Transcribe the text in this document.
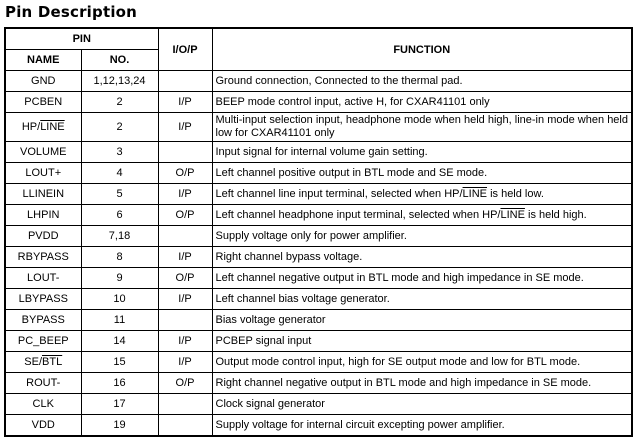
Pin Description
PIN		I/O/P	FUNCTION
NAME	NO.		
GND	1,12,13,24		Ground connection, Connected to the thermal pad.
PCBEN	2	I/P	BEEP mode control input, active H, for CXAR41101 only
HP/LINE	2	I/P	Multi-input selection input, headphone mode when held high, line-in mode when held low for CXAR41101 only
VOLUME	3		Input signal for internal volume gain setting.
LOUT+	4	O/P	Left channel positive output in BTL mode and SE mode.
LLINEIN	5	I/P	Left channel line input terminal, selected when HP/LINE is held low.
LHPIN	6	O/P	Left channel headphone input terminal, selected when HP/LINE is held high.
PVDD	7,18		Supply voltage only for power amplifier.
RBYPASS	8	I/P	Right channel bypass voltage.
LOUT-	9	O/P	Left channel negative output in BTL mode and high impedance in SE mode.
LBYPASS	10	I/P	Left channel bias voltage generator.
BYPASS	11		Bias voltage generator
PC_BEEP	14	I/P	PCBEP signal input
$SE/\overline{BTL}$	15	I/P	Output mode control input, high for SE output mode and low for BTL mode.
ROUT-	16	O/P	Right channel negative output in BTL mode and high impedance in SE mode.
CLK	17		Clock signal generator
VDD	19		Supply voltage for internal circuit excepting power amplifier.
